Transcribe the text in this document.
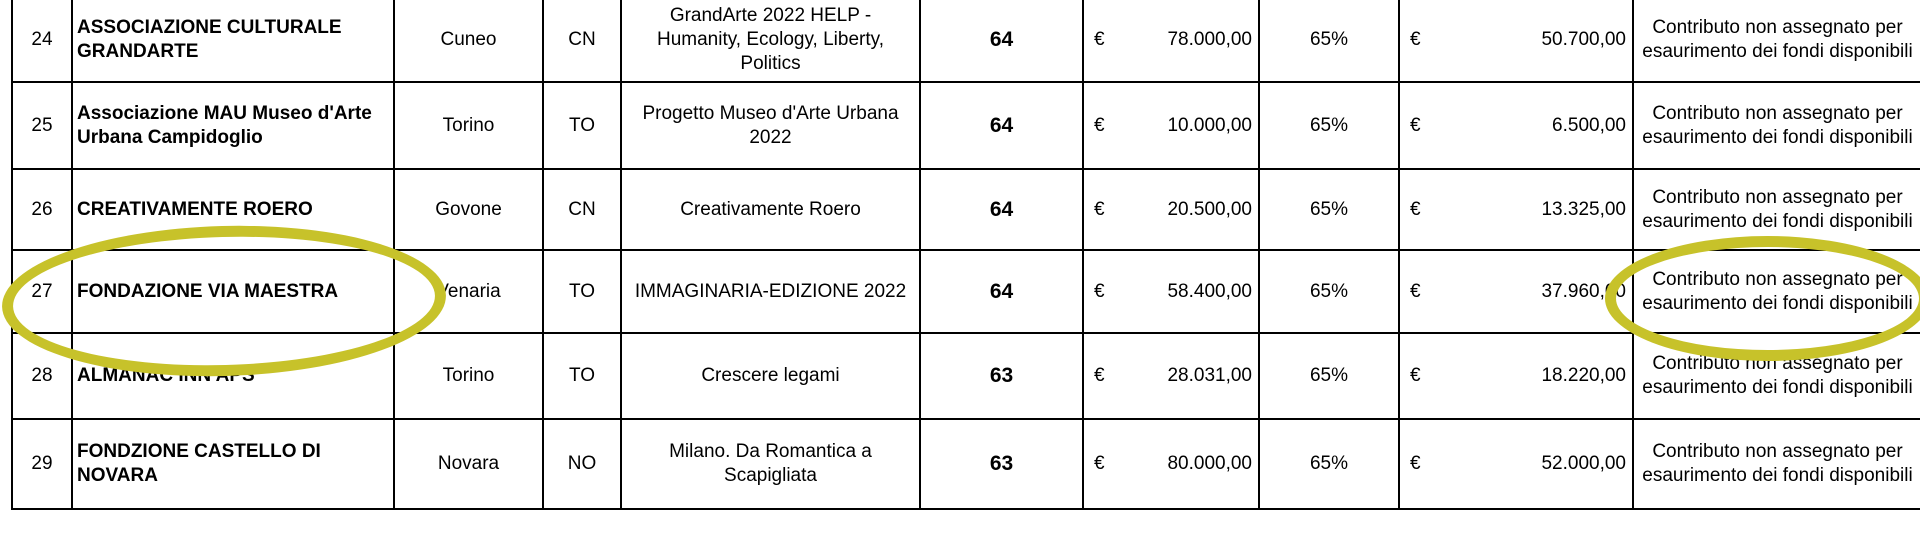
24	ASSOCIAZIONE CULTURALE GRANDARTE	Cuneo	CN	GrandArte 2022 HELP - Humanity, Ecology, Liberty, Politics	64	€ 78.000,00	65%	€ 50.700,00	Contributo non assegnato per
esaurimento dei fondi disponibili
25	Associazione MAU Museo d'Arte Urbana Campidoglio	Torino	TO	Progetto Museo d'Arte Urbana 2022	64	€ 10.000,00	65%	€ 6.500,00	Contributo non assegnato per
esaurimento dei fondi disponibili
26	CREATIVAMENTE ROERO	Govone	CN	Creativamente Roero	64	€ 20.500,00	65%	€ 13.325,00	Contributo non assegnato per
esaurimento dei fondi disponibili
27	FONDAZIONE VIA MAESTRA	Venaria	TO	IMMAGINARIA-EDIZIONE 2022	64	€ 58.400,00	65%	€ 37.960,00	Contributo non assegnato per
esaurimento dei fondi disponibili
28	ALMANAC INN APS	Torino	TO	Crescere legami	63	€ 28.031,00	65%	€ 18.220,00	Contributo non assegnato per
esaurimento dei fondi disponibili
29	FONDZIONE CASTELLO DI NOVARA	Novara	NO	Milano. Da Romantica a Scapigliata	63	€ 80.000,00	65%	€ 52.000,00	Contributo non assegnato per
esaurimento dei fondi disponibili
